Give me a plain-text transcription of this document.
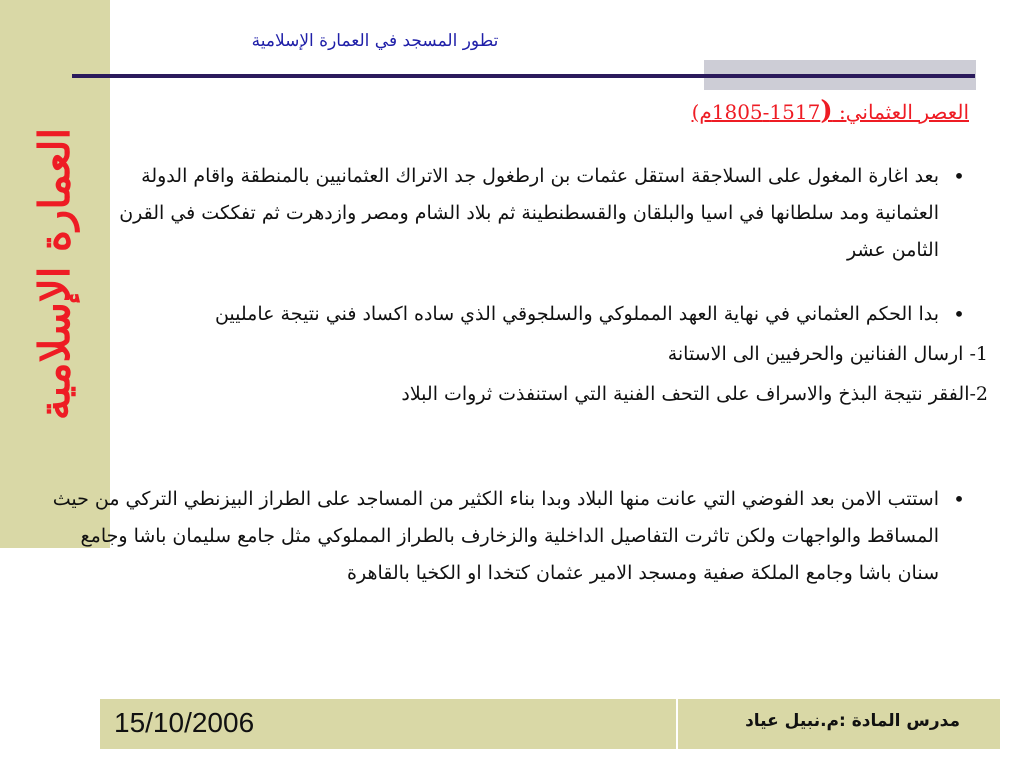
العمارة الإسلامية
تطور المسجد في العمارة الإسلامية
العصر العثماني: (1517-1805م)
•
بعد اغارة المغول على السلاجقة استقل عثمات بن ارطغول جد الاتراك العثمانيين بالمنطقة واقام الدولة العثمانية ومد سلطانها في اسيا والبلقان والقسطنطينة ثم بلاد الشام ومصر وازدهرت ثم تفككت في القرن الثامن عشر
•
بدا الحكم العثماني في نهاية العهد المملوكي والسلجوقي الذي ساده اكساد فني نتيجة عامليين
1- ارسال الفنانين والحرفيين الى الاستانة
2-الفقر نتيجة البذخ والاسراف على التحف الفنية التي استنفذت ثروات البلاد
•
استتب الامن بعد الفوضي التي عانت منها البلاد وبدا بناء الكثير من المساجد على الطراز البيزنطي التركي من حيث المساقط والواجهات ولكن تاثرت التفاصيل الداخلية والزخارف بالطراز المملوكي مثل جامع سليمان باشا وجامع سنان باشا وجامع الملكة صفية ومسجد الامير عثمان كتخدا او الكخيا بالقاهرة
15/10/2006	مدرس المادة :م.نبيل عياد
